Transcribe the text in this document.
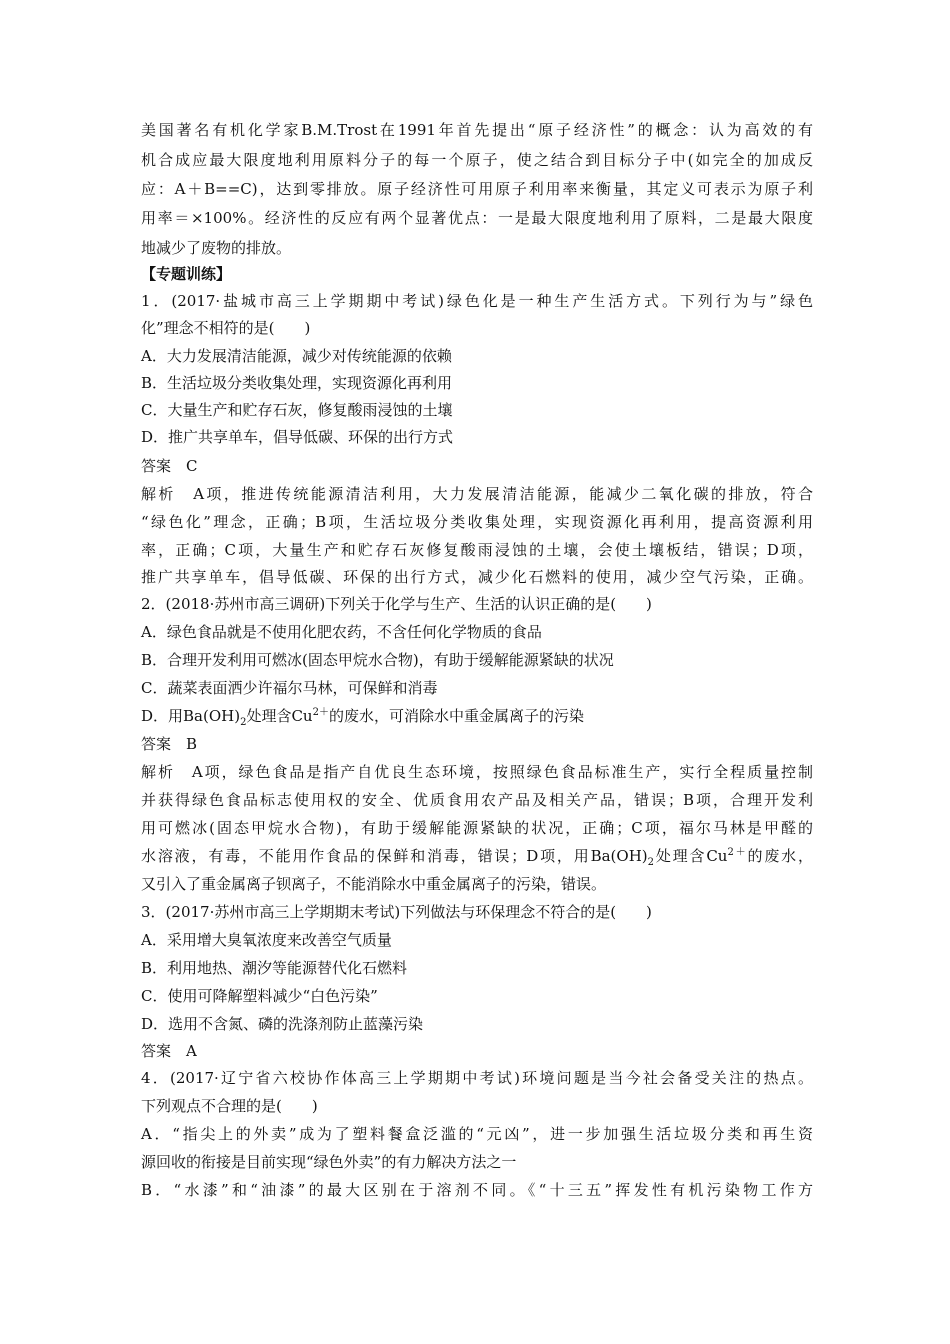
美国著名有机化学家B.M.Trost在1991年首先提出“原子经济性”的概念：认为高效的有
机合成应最大限度地利用原料分子的每一个原子，使之结合到目标分子中(如完全的加成反
应：A＋B==C)，达到零排放。原子经济性可用原子利用率来衡量，其定义可表示为原子利
用率＝×100%。经济性的反应有两个显著优点：一是最大限度地利用了原料，二是最大限度
地减少了废物的排放。
【专题训练】
1．(2017·盐城市高三上学期期中考试)绿色化是一种生产生活方式。下列行为与”绿色
化”理念不相符的是(　　)
A．大力发展清洁能源，减少对传统能源的依赖
B．生活垃圾分类收集处理，实现资源化再利用
C．大量生产和贮存石灰，修复酸雨浸蚀的土壤
D．推广共享单车，倡导低碳、环保的出行方式
答案　C
解析　A项，推进传统能源清洁利用，大力发展清洁能源，能减少二氧化碳的排放，符合
“绿色化”理念，正确；B项，生活垃圾分类收集处理，实现资源化再利用，提高资源利用
率，正确；C项，大量生产和贮存石灰修复酸雨浸蚀的土壤，会使土壤板结，错误；D项，
推广共享单车，倡导低碳、环保的出行方式，减少化石燃料的使用，减少空气污染，正确。
2．(2018·苏州市高三调研)下列关于化学与生产、生活的认识正确的是(　　)
A．绿色食品就是不使用化肥农药，不含任何化学物质的食品
B．合理开发利用可燃冰(固态甲烷水合物)，有助于缓解能源紧缺的状况
C．蔬菜表面洒少许福尔马林，可保鲜和消毒
D．用$Ba(OH)_2$处理含$Cu^{2+}$的废水，可消除水中重金属离子的污染
答案　B
解析　A项，绿色食品是指产自优良生态环境，按照绿色食品标准生产，实行全程质量控制
并获得绿色食品标志使用权的安全、优质食用农产品及相关产品，错误；B项，合理开发利
用可燃冰(固态甲烷水合物)，有助于缓解能源紧缺的状况，正确；C项，福尔马林是甲醛的
水溶液，有毒，不能用作食品的保鲜和消毒，错误；D项，用$Ba(OH)_2$处理含$Cu^{2+}$的废水，
又引入了重金属离子钡离子，不能消除水中重金属离子的污染，错误。
3．(2017·苏州市高三上学期期末考试)下列做法与环保理念不符合的是(　　)
A．采用增大臭氧浓度来改善空气质量
B．利用地热、潮汐等能源替代化石燃料
C．使用可降解塑料减少“白色污染”
D．选用不含氮、磷的洗涤剂防止蓝藻污染
答案　A
4．(2017·辽宁省六校协作体高三上学期期中考试)环境问题是当今社会备受关注的热点。
下列观点不合理的是(　　)
A．“指尖上的外卖”成为了塑料餐盒泛滥的“元凶”，进一步加强生活垃圾分类和再生资
源回收的衔接是目前实现“绿色外卖”的有力解决方法之一
B．“水漆”和“油漆”的最大区别在于溶剂不同。《“十三五”挥发性有机污染物工作方
